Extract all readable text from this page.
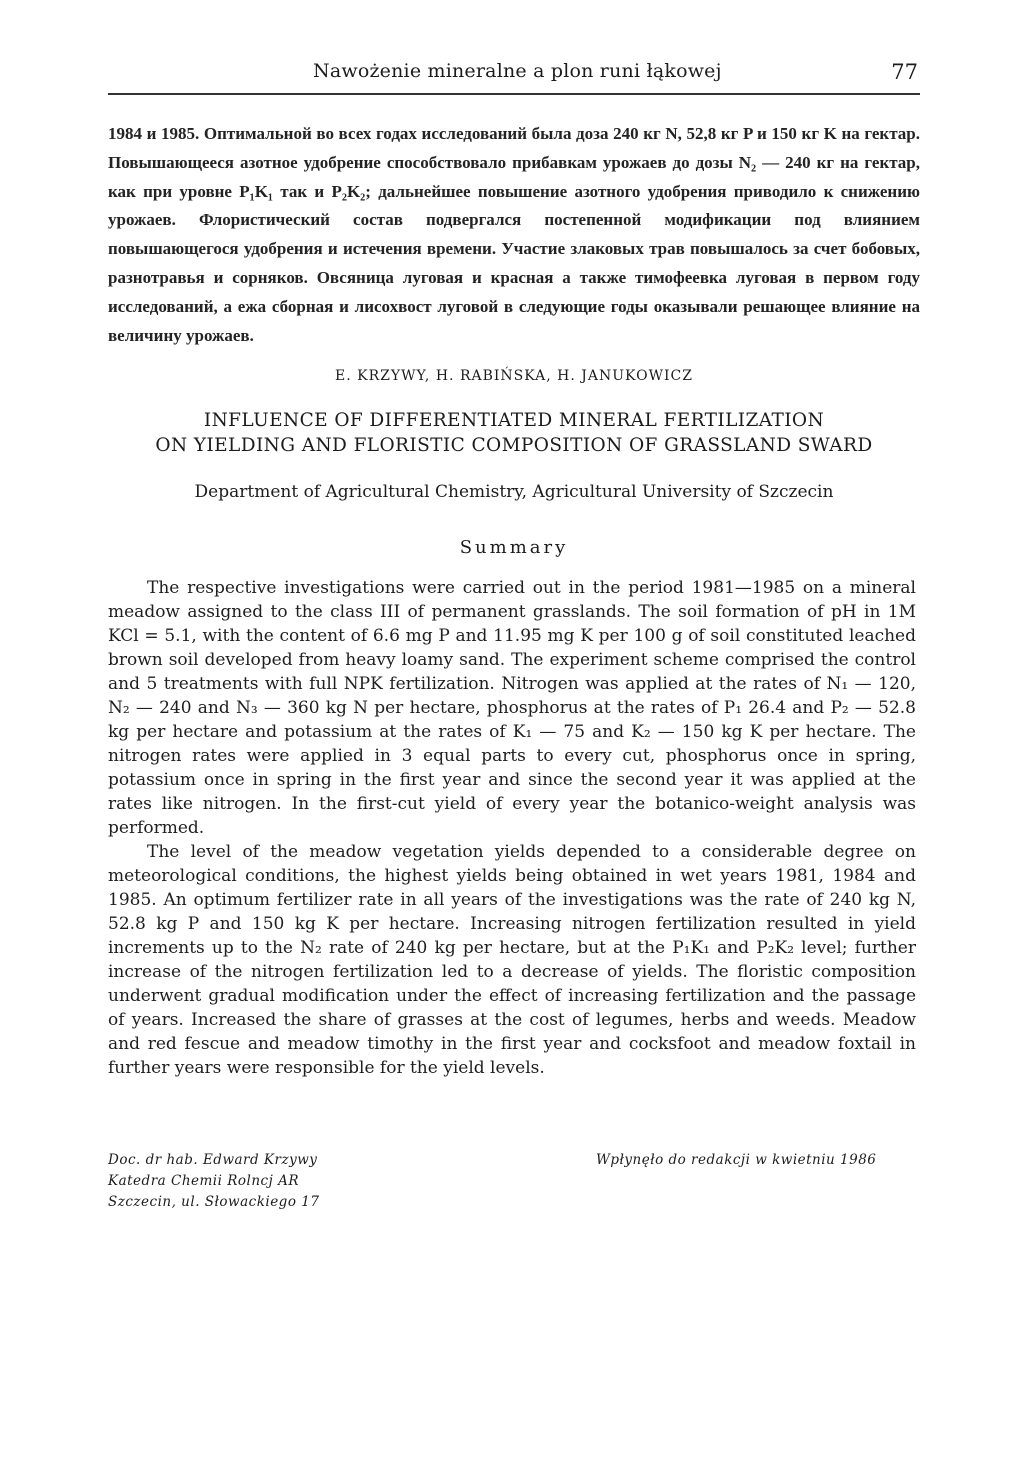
Nawożenie mineralne a plon runi łąkowej	77

1984 и 1985. Оптимальной во всех годах исследований была доза 240 кг N, 52,8 кг P и 150 кг K на гектар. Повышающееся азотное удобрение способствовало прибавкам урожаев до дозы N₂ — 240 кг на гектар, как при уровне P₁K₁ так и P₂K₂; дальнейшее повышение азотного удобрения приводило к снижению урожаев. Флористический состав подвергался постепенной модификации под влиянием повышающегося удобрения и истечения времени. Участие злаковых трав повышалось за счет бобовых, разнотравья и сорняков. Овсяница луговая и красная а также тимофеевка луговая в первом году исследований, а ежа сборная и лисохвост луговой в следующие годы оказывали решающее влияние на величину урожаев.

E. KRZYWY, H. RABIŃSKA, H. JANUKOWICZ
INFLUENCE OF DIFFERENTIATED MINERAL FERTILIZATION
ON YIELDING AND FLORISTIC COMPOSITION OF GRASSLAND SWARD
Department of Agricultural Chemistry, Agricultural University of Szczecin
Summary

The respective investigations were carried out in the period 1981—1985 on a mineral meadow assigned to the class III of permanent grasslands. The soil formation of pH in 1M KCl = 5.1, with the content of 6.6 mg P and 11.95 mg K per 100 g of soil constituted leached brown soil developed from heavy loamy sand. The experiment scheme comprised the control and 5 treatments with full NPK fertilization. Nitrogen was applied at the rates of N₁ — 120, N₂ — 240 and N₃ — 360 kg N per hectare, phosphorus at the rates of P₁ 26.4 and P₂ — 52.8 kg per hectare and potassium at the rates of K₁ — 75 and K₂ — 150 kg K per hectare. The nitrogen rates were applied in 3 equal parts to every cut, phosphorus once in spring, potassium once in spring in the first year and since the second year it was applied at the rates like nitrogen. In the first-cut yield of every year the botanico-weight analysis was performed.

The level of the meadow vegetation yields depended to a considerable degree on meteorological conditions, the highest yields being obtained in wet years 1981, 1984 and 1985. An optimum fertilizer rate in all years of the investigations was the rate of 240 kg N, 52.8 kg P and 150 kg K per hectare. Increasing nitrogen fertilization resulted in yield increments up to the N₂ rate of 240 kg per hectare, but at the P₁K₁ and P₂K₂ level; further increase of the nitrogen fertilization led to a decrease of yields. The floristic composition underwent gradual modification under the effect of increasing fertilization and the passage of years. Increased the share of grasses at the cost of legumes, herbs and weeds. Meadow and red fescue and meadow timothy in the first year and cocksfoot and meadow foxtail in further years were responsible for the yield levels.

Doc. dr hab. Edward Krzywy
Katedra Chemii Rolncj AR
Szczecin, ul. Słowackiego 17
Wpłynęło do redakcji w kwietniu 1986
